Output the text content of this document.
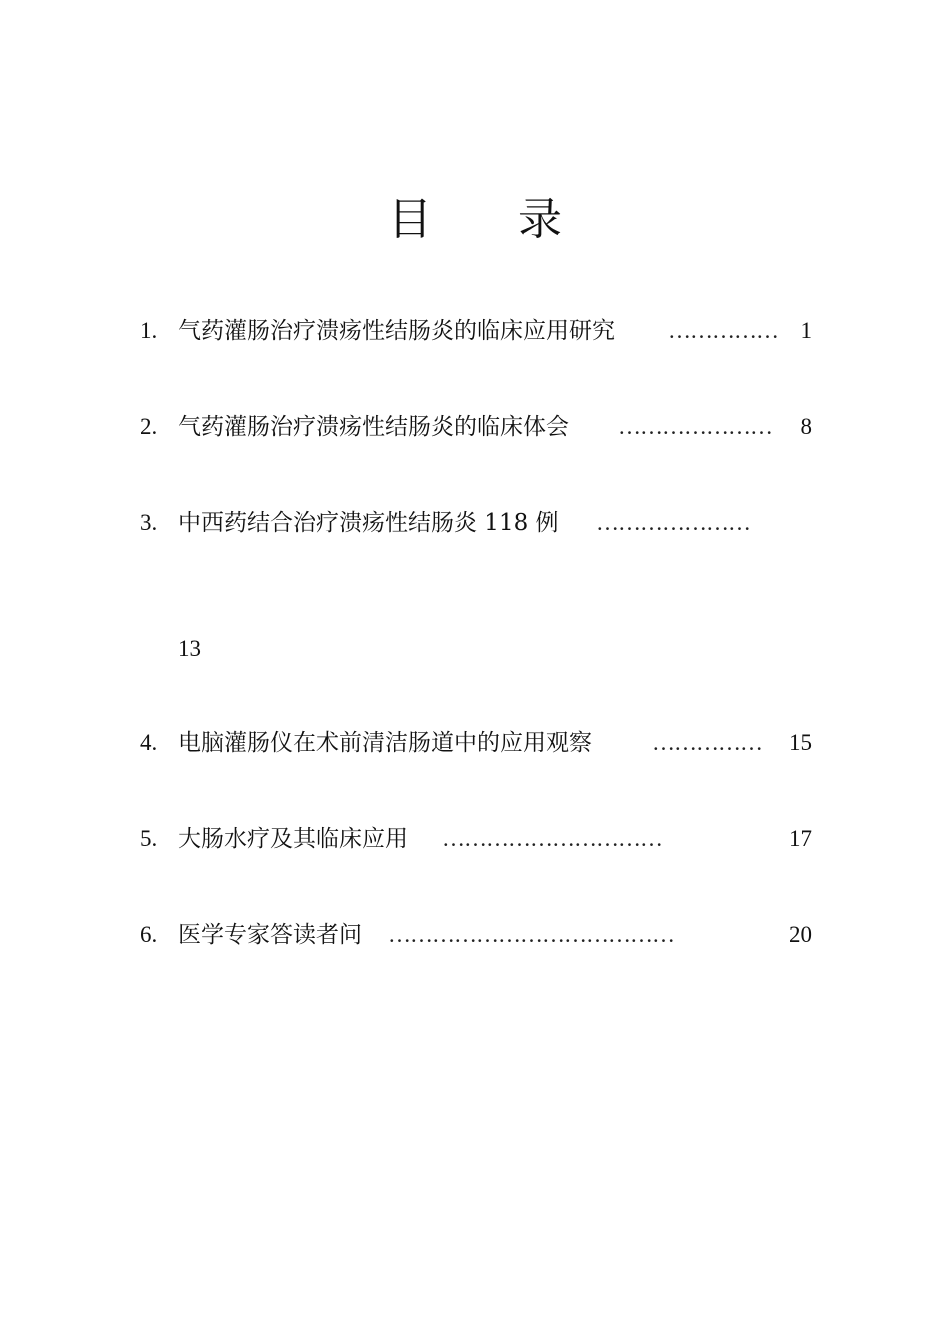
目 录
1. 气药灌肠治疗溃疡性结肠炎的临床应用研究 …………… 1
2. 气药灌肠治疗溃疡性结肠炎的临床体会 ………………… 8
3. 中西药结合治疗溃疡性结肠炎 118 例 …………………
13
4. 电脑灌肠仪在术前清洁肠道中的应用观察	…………… 15
5. 大肠水疗及其临床应用 …………………………	17
6. 医学专家答读者问 …………………………………	20
